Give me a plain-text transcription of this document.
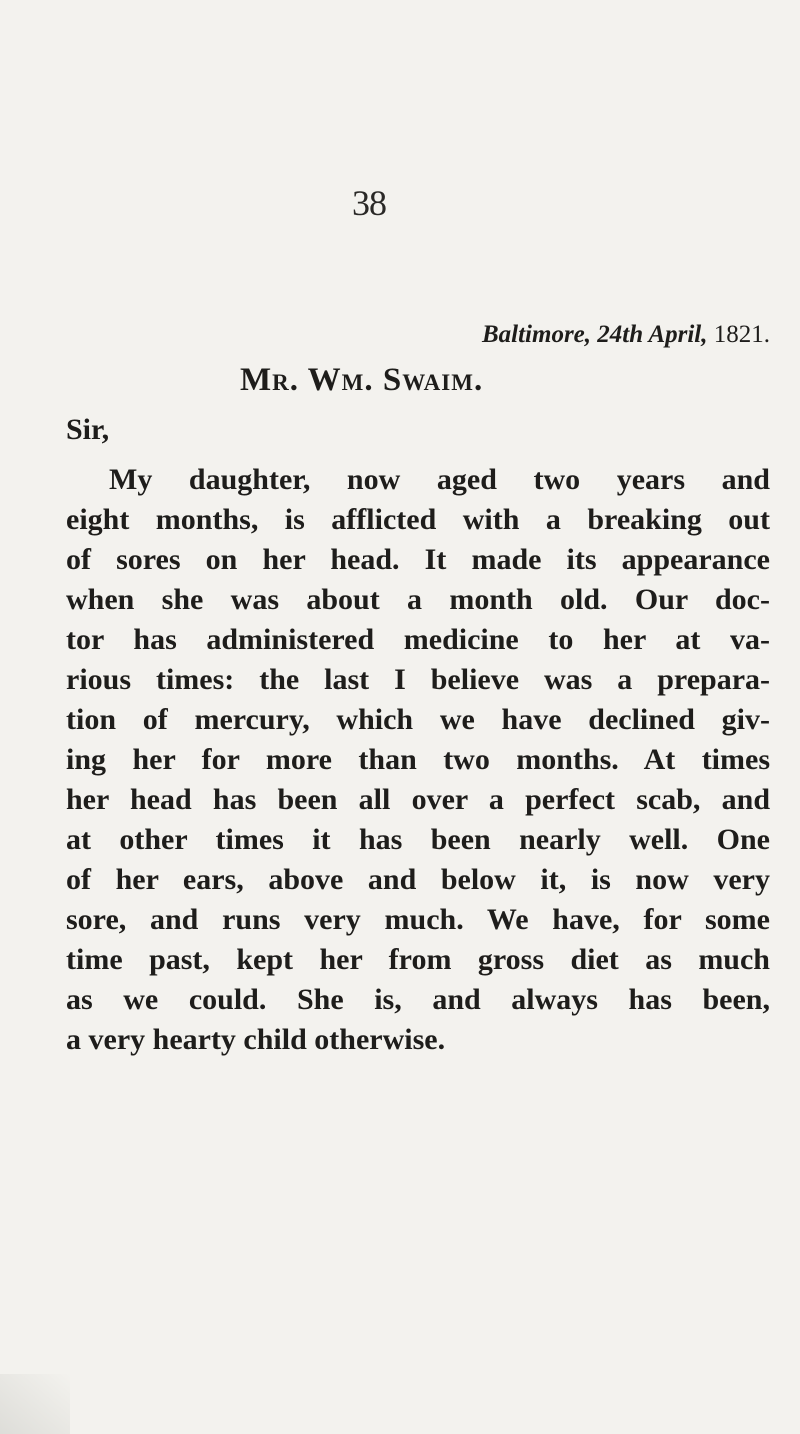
38
Baltimore, 24th April, 1821.
Mr. Wm. Swaim.
Sir,
My daughter, now aged two years and
eight months, is afflicted with a breaking out
of sores on her head. It made its appearance
when she was about a month old. Our doc-
tor has administered medicine to her at va-
rious times: the last I believe was a prepara-
tion of mercury, which we have declined giv-
ing her for more than two months. At times
her head has been all over a perfect scab, and
at other times it has been nearly well. One
of her ears, above and below it, is now very
sore, and runs very much. We have, for some
time past, kept her from gross diet as much
as we could. She is, and always has been,
a very hearty child otherwise.
